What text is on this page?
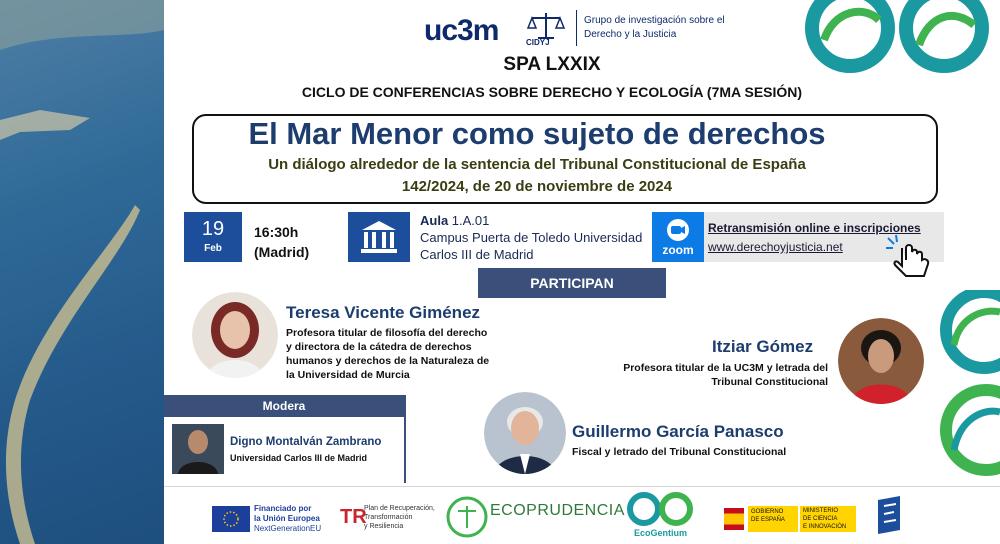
uc3m	CIDYJ
Grupo de investigación sobre el
Derecho y la Justicia
SPA LXXIX
CICLO DE CONFERENCIAS SOBRE DERECHO Y ECOLOGÍA (7MA SESIÓN)
El Mar Menor como sujeto de derechos
Un diálogo alrededor de la sentencia del Tribunal Constitucional de España
142/2024, de 20 de noviembre de 2024
19
Feb
16:30h
(Madrid)
Aula 1.A.01
Campus Puerta de Toledo Universidad
Carlos III de Madrid	zoom
Retransmisión online e inscripciones
www.derechoyjusticia.net
PARTICIPAN
Teresa Vicente Giménez
Profesora titular de filosofía del derecho
y directora de la cátedra de derechos
humanos y derechos de la Naturaleza de
la Universidad de Murcia
Itziar Gómez
Profesora titular de la UC3M y letrada del
Tribunal Constitucional
Guillermo García Panasco
Fiscal y letrado del Tribunal Constitucional
Modera
Digno Montalván Zambrano
Universidad Carlos III de Madrid
Financiado por
la Unión Europea
NextGenerationEU
TR
Plan de Recuperación,
Transformación
y Resiliencia
ECOPRUDENCIA
EcoGentium
GOBIERNO
DE ESPAÑA
MINISTERIO
DE CIENCIA
E INNOVACIÓN
